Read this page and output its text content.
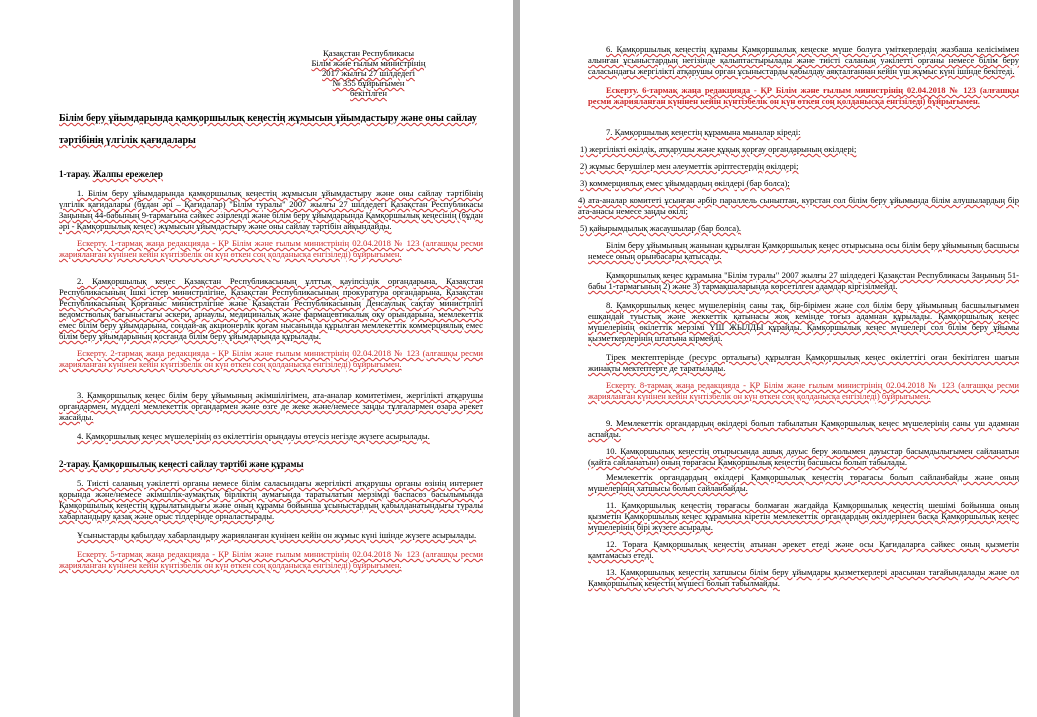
Қазақстан Республикасы

Білім және ғылым министрінің

2017 жылғы 27 шілдедегі

№ 355 бұйрығымен

бекітілген

Білім беру ұйымдарында қамқоршылық кеңестің жұмысын ұйымдастыру және оны сайлау тәртібінің үлгілік қағидалары

1-тарау. Жалпы ережелер

1. Білім беру ұйымдарында қамқоршылық кеңестің жұмысын ұйымдастыру және оны сайлау тәртібінің үлгілік қағидалары (бұдан әрі – Қағидалар) "Білім туралы" 2007 жылғы 27 шілдедегі Қазақстан Республикасы Заңының 44-бабының 9-тармағына сәйкес әзірленді және білім беру ұйымдарында Қамқоршылық кеңесінің (бұдан әрі - Қамқоршылық кеңес) жұмысын ұйымдастыру және оны сайлау тәртібін айқындайды.

Ескерту. 1-тармақ жаңа редакцияда - ҚР Білім және ғылым министрінің 02.04.2018 № 123 (алғашқы ресми жарияланған күнінен кейін күнтізбелік он күн өткен соң қолданысқа енгізіледі) бұйрығымен.

2. Қамқоршылық кеңес Қазақстан Республикасының ұлттық қауіпсіздік органдарына, Қазақстан Республикасының Ішкі істер министрлігіне, Қазақстан Республикасының прокуратура органдарына, Қазақстан Республикасының Қорғаныс министрлігіне және Қазақстан Республикасының Денсаулық сақтау министрлігі ведомстволық бағыныстағы әскери, арнаулы, медициналық және фармацевтикалық оқу орындарына, мемлекеттік емес білім беру ұйымдарына, сондай-ақ акционерлік қоғам нысанында құрылған мемлекеттік коммерциялық емес білім беру ұйымдарының қосғанда білім беру ұйымдарында құрылады.

Ескерту. 2-тармақ жаңа редакцияда - ҚР Білім және ғылым министрінің 02.04.2018 № 123 (алғашқы ресми жарияланған күнінен кейін күнтізбелік он күн өткен соң қолданысқа енгізіледі) бұйрығымен.

3. Қамқоршылық кеңес білім беру ұйымының әкімшілігімен, ата-аналар комитетімен, жергілікті атқарушы органдармен, мүдделі мемлекеттік органдармен және өзге де жеке және/немесе заңды тұлғалармен өзара әрекет жасайды.

4. Қамқоршылық кеңес мүшелерінің өз өкілеттігін орындауы өтеусіз негізде жүзеге асырылады.

2-тарау. Қамқоршылық кеңесті сайлау тәртібі және құрамы

5. Тиісті саланың уәкілетті органы немесе білім саласындағы жергілікті атқарушы органы өзінің интернет қорында және/немесе әкімшілік-аумақтық бірліктің аумағында таратылатын мерзімді баспасөз басылымында Қамқоршылық кеңестің құрылатындығы және оның құрамы бойынша ұсыныстардың қабылданатындығы туралы хабарландыру қазақ және орыс тілдерінде орналастырады.

Ұсыныстарды қабылдау хабарландыру жарияланған күнінен кейін он жұмыс күні ішінде жүзеге асырылады.

Ескерту. 5-тармақ жаңа редакцияда - ҚР Білім және ғылым министрінің 02.04.2018 № 123 (алғашқы ресми жарияланған күнінен кейін күнтізбелік он күн өткен соң қолданысқа енгізіледі) бұйрығымен.

6. Қамқоршылық кеңестің құрамы Қамқоршылық кеңеске мүше болуға үміткерлердің жазбаша келісімімен алынған ұсыныстардың негізінде қалыптастырылады және тиісті саланың уәкілетті органы немесе білім беру саласындағы жергілікті атқарушы орган ұсыныстарды қабылдау аяқталғаннан кейін үш жұмыс күні ішінде бекітеді.

Ескерту. 6-тармақ жаңа редакцияда - ҚР Білім және ғылым министрінің 02.04.2018 № 123 (алғашқы ресми жарияланған күнінен кейін күнтізбелік он күн өткен соң қолданысқа енгізіледі) бұйрығымен.

7. Қамқоршылық кеңестің құрамына мыналар кіреді:

1) жергілікті өкілдік, атқарушы және құқық қорғау органдарының өкілдері;

2) жұмыс берушілер мен әлеуметтік әріптестердің өкілдері;

3) коммерциялық емес ұйымдардың өкілдері (бар болса);

4) ата-аналар комитеті ұсынған әрбір параллель сыныптан, курстан сол білім беру ұйымында білім алушылардың бір ата-анасы немесе заңды өкілі;

5) қайырымдылық жасаушылар (бар болса).

Білім беру ұйымының жанынан құрылған Қамқоршылық кеңес отырысына осы білім беру ұйымының басшысы немесе оның орынбасары қатысады.

Қамқоршылық кеңес құрамына "Білім туралы" 2007 жылғы 27 шілдедегі Қазақстан Республикасы Заңының 51-бабы 1-тармағының 2) және 3) тармақшаларында көрсетілген адамдар кіргізілмейді.

8. Қамқоршылық кеңес мүшелерінің саны тақ, бір-бірімен және сол білім беру ұйымының басшылығымен ешқандай туыстық және жеккеттік қатынасы жоқ кемінде тоғыз адамнан құрылады. Қамқоршылық кеңес мүшелерінің өкілеттік мерзімі ҮШ ЖЫЛДЫ құрайды. Қамқоршылық кеңес мүшелері сол білім беру ұйымы қызметкерлерінің штатына кірмейді.

Тірек мектептерінде (ресурс орталығы) құрылған Қамқоршылық кеңес өкілеттігі оған бекітілген шағын жинақты мектептерге де таратылады.

Ескерту. 8-тармақ жаңа редакцияда - ҚР Білім және ғылым министрінің 02.04.2018 № 123 (алғашқы ресми жарияланған күнінен кейін күнтізбелік он күн өткен соң қолданысқа енгізіледі) бұйрығымен.

9. Мемлекеттік органдардың өкілдері болып табылатын Қамқоршылық кеңес мүшелерінің саны үш адамнан аспайды.

10. Қамқоршылық кеңестің отырысында ашық дауыс беру жолымен дауыстар басымдылығымен сайланатын (қайта сайланатын) оның төрағасы Қамқоршылық кеңестің басшысы болып табылады.

Мемлекеттік органдардың өкілдері Қамқоршылық кеңестің төрағасы болып сайланбайды және оның мүшелерінің хатшысы болып сайланбайды.

11. Қамқоршылық кеңестің төрағасы болмаған жағдайда Қамқоршылық кеңестің шешімі бойынша оның қызметін Қамқоршылық кеңес құрамына кіретін мемлекеттік органдардың өкілдерінен басқа Қамқоршылық кеңес мүшелерінің бірі жүзеге асырады.

12. Төраға Қамқоршылық кеңестің атынан әрекет етеді және осы Қағидаларға сәйкес оның қызметін қамтамасыз етеді.

13. Қамқоршылық кеңестің хатшысы білім беру ұйымдары қызметкерлері арасынан тағайындалады және ол Қамқоршылық кеңестің мүшесі болып табылмайды.
